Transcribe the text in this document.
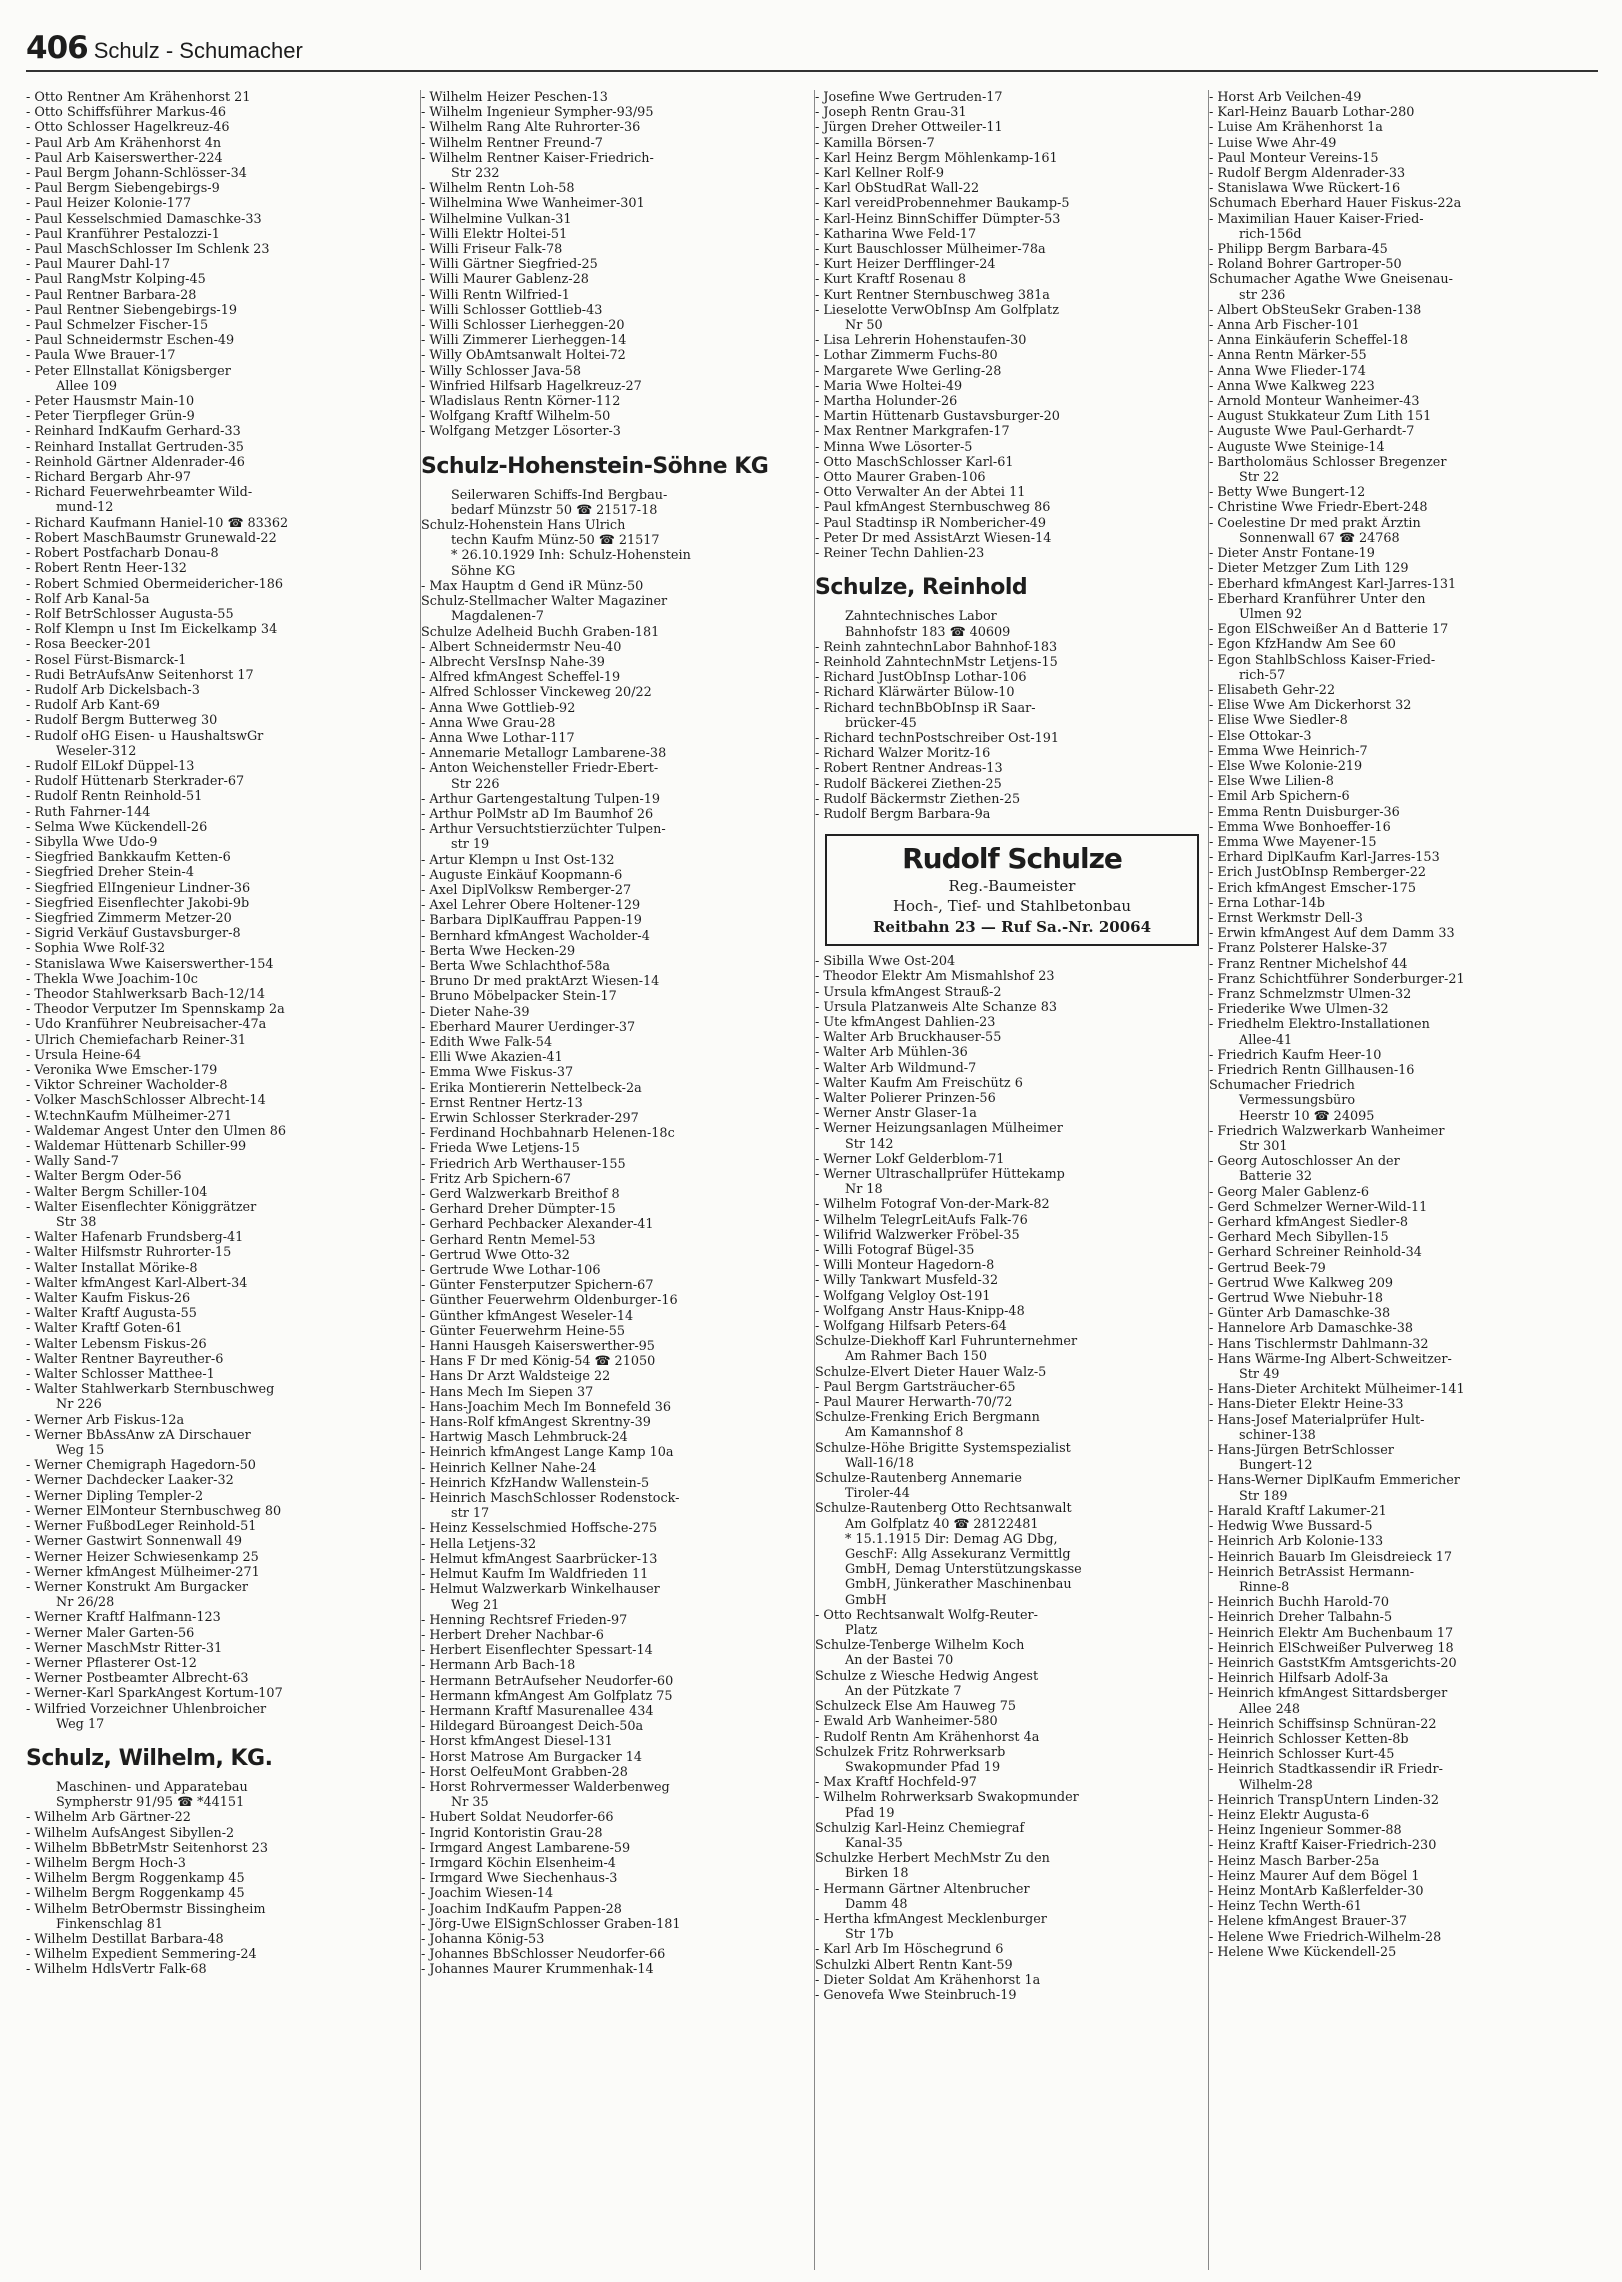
406 Schulz - Schumacher
- Otto Rentner Am Krähenhorst 21
- Otto Schiffsführer Markus-46
- Otto Schlosser Hagelkreuz-46
- Paul Arb Am Krähenhorst 4n
- Paul Arb Kaiserswerther-224
- Paul Bergm Johann-Schlösser-34
- Paul Bergm Siebengebirgs-9
- Paul Heizer Kolonie-177
- Paul Kesselschmied Damaschke-33
- Paul Kranführer Pestalozzi-1
- Paul MaschSchlosser Im Schlenk 23
- Paul Maurer Dahl-17
- Paul RangMstr Kolping-45
- Paul Rentner Barbara-28
- Paul Rentner Siebengebirgs-19
- Paul Schmelzer Fischer-15
- Paul Schneidermstr Eschen-49
- Paula Wwe Brauer-17
- Peter Ellnstallat Königsberger
Allee 109
- Peter Hausmstr Main-10
- Peter Tierpfleger Grün-9
- Reinhard IndKaufm Gerhard-33
- Reinhard Installat Gertruden-35
- Reinhold Gärtner Aldenrader-46
- Richard Bergarb Ahr-97
- Richard Feuerwehrbeamter Wild-
mund-12
- Richard Kaufmann Haniel-10 ☎ 83362
- Robert MaschBaumstr Grunewald-22
- Robert Postfacharb Donau-8
- Robert Rentn Heer-132
- Robert Schmied Obermeidericher-186
- Rolf Arb Kanal-5a
- Rolf BetrSchlosser Augusta-55
- Rolf Klempn u Inst Im Eickelkamp 34
- Rosa Beecker-201
- Rosel Fürst-Bismarck-1
- Rudi BetrAufsAnw Seitenhorst 17
- Rudolf Arb Dickelsbach-3
- Rudolf Arb Kant-69
- Rudolf Bergm Butterweg 30
- Rudolf oHG Eisen- u HaushaltswGr
Weseler-312
- Rudolf ElLokf Düppel-13
- Rudolf Hüttenarb Sterkrader-67
- Rudolf Rentn Reinhold-51
- Ruth Fahrner-144
- Selma Wwe Kückendell-26
- Sibylla Wwe Udo-9
- Siegfried Bankkaufm Ketten-6
- Siegfried Dreher Stein-4
- Siegfried ElIngenieur Lindner-36
- Siegfried Eisenflechter Jakobi-9b
- Siegfried Zimmerm Metzer-20
- Sigrid Verkäuf Gustavsburger-8
- Sophia Wwe Rolf-32
- Stanislawa Wwe Kaiserswerther-154
- Thekla Wwe Joachim-10c
- Theodor Stahlwerksarb Bach-12/14
- Theodor Verputzer Im Spennskamp 2a
- Udo Kranführer Neubreisacher-47a
- Ulrich Chemiefacharb Reiner-31
- Ursula Heine-64
- Veronika Wwe Emscher-179
- Viktor Schreiner Wacholder-8
- Volker MaschSchlosser Albrecht-14
- W.technKaufm Mülheimer-271
- Waldemar Angest Unter den Ulmen 86
- Waldemar Hüttenarb Schiller-99
- Wally Sand-7
- Walter Bergm Oder-56
- Walter Bergm Schiller-104
- Walter Eisenflechter Königgrätzer
Str 38
- Walter Hafenarb Frundsberg-41
- Walter Hilfsmstr Ruhrorter-15
- Walter Installat Mörike-8
- Walter kfmAngest Karl-Albert-34
- Walter Kaufm Fiskus-26
- Walter Kraftf Augusta-55
- Walter Kraftf Goten-61
- Walter Lebensm Fiskus-26
- Walter Rentner Bayreuther-6
- Walter Schlosser Matthee-1
- Walter Stahlwerkarb Sternbuschweg
Nr 226
- Werner Arb Fiskus-12a
- Werner BbAssAnw zA Dirschauer
Weg 15
- Werner Chemigraph Hagedorn-50
- Werner Dachdecker Laaker-32
- Werner Dipling Templer-2
- Werner ElMonteur Sternbuschweg 80
- Werner FußbodLeger Reinhold-51
- Werner Gastwirt Sonnenwall 49
- Werner Heizer Schwiesenkamp 25
- Werner kfmAngest Mülheimer-271
- Werner Konstrukt Am Burgacker
Nr 26/28
- Werner Kraftf Halfmann-123
- Werner Maler Garten-56
- Werner MaschMstr Ritter-31
- Werner Pflasterer Ost-12
- Werner Postbeamter Albrecht-63
- Werner-Karl SparkAngest Kortum-107
- Wilfried Vorzeichner Uhlenbroicher
Weg 17
Schulz, Wilhelm, KG.
Maschinen- und Apparatebau
Sympherstr 91/95 ☎ *44151
- Wilhelm Arb Gärtner-22
- Wilhelm AufsAngest Sibyllen-2
- Wilhelm BbBetrMstr Seitenhorst 23
- Wilhelm Bergm Hoch-3
- Wilhelm Bergm Roggenkamp 45
- Wilhelm Bergm Roggenkamp 45
- Wilhelm BetrObermstr Bissingheim
Finkenschlag 81
- Wilhelm Destillat Barbara-48
- Wilhelm Expedient Semmering-24
- Wilhelm HdlsVertr Falk-68
- Wilhelm Heizer Peschen-13
- Wilhelm Ingenieur Sympher-93/95
- Wilhelm Rang Alte Ruhrorter-36
- Wilhelm Rentner Freund-7
- Wilhelm Rentner Kaiser-Friedrich-
Str 232
- Wilhelm Rentn Loh-58
- Wilhelmina Wwe Wanheimer-301
- Wilhelmine Vulkan-31
- Willi Elektr Holtei-51
- Willi Friseur Falk-78
- Willi Gärtner Siegfried-25
- Willi Maurer Gablenz-28
- Willi Rentn Wilfried-1
- Willi Schlosser Gottlieb-43
- Willi Schlosser Lierheggen-20
- Willi Zimmerer Lierheggen-14
- Willy ObAmtsanwalt Holtei-72
- Willy Schlosser Java-58
- Winfried Hilfsarb Hagelkreuz-27
- Wladislaus Rentn Körner-112
- Wolfgang Kraftf Wilhelm-50
- Wolfgang Metzger Lösorter-3
Schulz-Hohenstein-Söhne KG
Seilerwaren Schiffs-Ind Bergbau-
bedarf Münzstr 50 ☎ 21517-18
Schulz-Hohenstein Hans Ulrich
techn Kaufm Münz-50 ☎ 21517
* 26.10.1929 Inh: Schulz-Hohenstein
Söhne KG
- Max Hauptm d Gend iR Münz-50
Schulz-Stellmacher Walter Magaziner
Magdalenen-7
Schulze Adelheid Buchh Graben-181
- Albert Schneidermstr Neu-40
- Albrecht VersInsp Nahe-39
- Alfred kfmAngest Scheffel-19
- Alfred Schlosser Vinckeweg 20/22
- Anna Wwe Gottlieb-92
- Anna Wwe Grau-28
- Anna Wwe Lothar-117
- Annemarie Metallogr Lambarene-38
- Anton Weichensteller Friedr-Ebert-
Str 226
- Arthur Gartengestaltung Tulpen-19
- Arthur PolMstr aD Im Baumhof 26
- Arthur Versuchtstierzüchter Tulpen-
str 19
- Artur Klempn u Inst Ost-132
- Auguste Einkäuf Koopmann-6
- Axel DiplVolksw Remberger-27
- Axel Lehrer Obere Holtener-129
- Barbara DiplKauffrau Pappen-19
- Bernhard kfmAngest Wacholder-4
- Berta Wwe Hecken-29
- Berta Wwe Schlachthof-58a
- Bruno Dr med praktArzt Wiesen-14
- Bruno Möbelpacker Stein-17
- Dieter Nahe-39
- Eberhard Maurer Uerdinger-37
- Edith Wwe Falk-54
- Elli Wwe Akazien-41
- Emma Wwe Fiskus-37
- Erika Montiererin Nettelbeck-2a
- Ernst Rentner Hertz-13
- Erwin Schlosser Sterkrader-297
- Ferdinand Hochbahnarb Helenen-18c
- Frieda Wwe Letjens-15
- Friedrich Arb Werthauser-155
- Fritz Arb Spichern-67
- Gerd Walzwerkarb Breithof 8
- Gerhard Dreher Dümpter-15
- Gerhard Pechbacker Alexander-41
- Gerhard Rentn Memel-53
- Gertrud Wwe Otto-32
- Gertrude Wwe Lothar-106
- Günter Fensterputzer Spichern-67
- Günther Feuerwehrm Oldenburger-16
- Günther kfmAngest Weseler-14
- Günter Feuerwehrm Heine-55
- Hanni Hausgeh Kaiserswerther-95
- Hans F Dr med König-54 ☎ 21050
- Hans Dr Arzt Waldsteige 22
- Hans Mech Im Siepen 37
- Hans-Joachim Mech Im Bonnefeld 36
- Hans-Rolf kfmAngest Skrentny-39
- Hartwig Masch Lehmbruck-24
- Heinrich kfmAngest Lange Kamp 10a
- Heinrich Kellner Nahe-24
- Heinrich KfzHandw Wallenstein-5
- Heinrich MaschSchlosser Rodenstock-
str 17
- Heinz Kesselschmied Hoffsche-275
- Hella Letjens-32
- Helmut kfmAngest Saarbrücker-13
- Helmut Kaufm Im Waldfrieden 11
- Helmut Walzwerkarb Winkelhauser
Weg 21
- Henning Rechtsref Frieden-97
- Herbert Dreher Nachbar-6
- Herbert Eisenflechter Spessart-14
- Hermann Arb Bach-18
- Hermann BetrAufseher Neudorfer-60
- Hermann kfmAngest Am Golfplatz 75
- Hermann Kraftf Masurenallee 434
- Hildegard Büroangest Deich-50a
- Horst kfmAngest Diesel-131
- Horst Matrose Am Burgacker 14
- Horst OelfeuMont Grabben-28
- Horst Rohrvermesser Walderbenweg
Nr 35
- Hubert Soldat Neudorfer-66
- Ingrid Kontoristin Grau-28
- Irmgard Angest Lambarene-59
- Irmgard Köchin Elsenheim-4
- Irmgard Wwe Siechenhaus-3
- Joachim Wiesen-14
- Joachim IndKaufm Pappen-28
- Jörg-Uwe ElSignSchlosser Graben-181
- Johanna König-53
- Johannes BbSchlosser Neudorfer-66
- Johannes Maurer Krummenhak-14
- Josefine Wwe Gertruden-17
- Joseph Rentn Grau-31
- Jürgen Dreher Ottweiler-11
- Kamilla Börsen-7
- Karl Heinz Bergm Möhlenkamp-161
- Karl Kellner Rolf-9
- Karl ObStudRat Wall-22
- Karl vereidProbennehmer Baukamp-5
- Karl-Heinz BinnSchiffer Dümpter-53
- Katharina Wwe Feld-17
- Kurt Bauschlosser Mülheimer-78a
- Kurt Heizer Derfflinger-24
- Kurt Kraftf Rosenau 8
- Kurt Rentner Sternbuschweg 381a
- Lieselotte VerwObInsp Am Golfplatz
Nr 50
- Lisa Lehrerin Hohenstaufen-30
- Lothar Zimmerm Fuchs-80
- Margarete Wwe Gerling-28
- Maria Wwe Holtei-49
- Martha Holunder-26
- Martin Hüttenarb Gustavsburger-20
- Max Rentner Markgrafen-17
- Minna Wwe Lösorter-5
- Otto MaschSchlosser Karl-61
- Otto Maurer Graben-106
- Otto Verwalter An der Abtei 11
- Paul kfmAngest Sternbuschweg 86
- Paul Stadtinsp iR Nombericher-49
- Peter Dr med AssistArzt Wiesen-14
- Reiner Techn Dahlien-23
Schulze, Reinhold
Zahntechnisches Labor
Bahnhofstr 183 ☎ 40609
- Reinh zahntechnLabor Bahnhof-183
- Reinhold ZahntechnMstr Letjens-15
- Richard JustObInsp Lothar-106
- Richard Klärwärter Bülow-10
- Richard technBbObInsp iR Saar-
brücker-45
- Richard technPostschreiber Ost-191
- Richard Walzer Moritz-16
- Robert Rentner Andreas-13
- Rudolf Bäckerei Ziethen-25
- Rudolf Bäckermstr Ziethen-25
- Rudolf Bergm Barbara-9a
Rudolf Schulze
Reg.-Baumeister
Hoch-, Tief- und Stahlbetonbau
Reitbahn 23 — Ruf Sa.-Nr. 20064
- Sibilla Wwe Ost-204
- Theodor Elektr Am Mismahlshof 23
- Ursula kfmAngest Strauß-2
- Ursula Platzanweis Alte Schanze 83
- Ute kfmAngest Dahlien-23
- Walter Arb Bruckhauser-55
- Walter Arb Mühlen-36
- Walter Arb Wildmund-7
- Walter Kaufm Am Freischütz 6
- Walter Polierer Prinzen-56
- Werner Anstr Glaser-1a
- Werner Heizungsanlagen Mülheimer
Str 142
- Werner Lokf Gelderblom-71
- Werner Ultraschallprüfer Hüttekamp
Nr 18
- Wilhelm Fotograf Von-der-Mark-82
- Wilhelm TelegrLeitAufs Falk-76
- Wilifrid Walzwerker Fröbel-35
- Willi Fotograf Bügel-35
- Willi Monteur Hagedorn-8
- Willy Tankwart Musfeld-32
- Wolfgang Velgloy Ost-191
- Wolfgang Anstr Haus-Knipp-48
- Wolfgang Hilfsarb Peters-64
Schulze-Diekhoff Karl Fuhrunternehmer
Am Rahmer Bach 150
Schulze-Elvert Dieter Hauer Walz-5
- Paul Bergm Gartsträucher-65
- Paul Maurer Herwarth-70/72
Schulze-Frenking Erich Bergmann
Am Kamannshof 8
Schulze-Höhe Brigitte Systemspezialist
Wall-16/18
Schulze-Rautenberg Annemarie
Tiroler-44
Schulze-Rautenberg Otto Rechtsanwalt
Am Golfplatz 40 ☎ 28122481
* 15.1.1915 Dir: Demag AG Dbg,
GeschF: Allg Assekuranz Vermittlg
GmbH, Demag Unterstützungskasse
GmbH, Jünkerather Maschinenbau
GmbH
- Otto Rechtsanwalt Wolfg-Reuter-
Platz
Schulze-Tenberge Wilhelm Koch
An der Bastei 70
Schulze z Wiesche Hedwig Angest
An der Pützkate 7
Schulzeck Else Am Hauweg 75
- Ewald Arb Wanheimer-580
- Rudolf Rentn Am Krähenhorst 4a
Schulzek Fritz Rohrwerksarb
Swakopmunder Pfad 19
- Max Kraftf Hochfeld-97
- Wilhelm Rohrwerksarb Swakopmunder
Pfad 19
Schulzig Karl-Heinz Chemiegraf
Kanal-35
Schulzke Herbert MechMstr Zu den
Birken 18
- Hermann Gärtner Altenbrucher
Damm 48
- Hertha kfmAngest Mecklenburger
Str 17b
- Karl Arb Im Höschegrund 6
Schulzki Albert Rentn Kant-59
- Dieter Soldat Am Krähenhorst 1a
- Genovefa Wwe Steinbruch-19
- Horst Arb Veilchen-49
- Karl-Heinz Bauarb Lothar-280
- Luise Am Krähenhorst 1a
- Luise Wwe Ahr-49
- Paul Monteur Vereins-15
- Rudolf Bergm Aldenrader-33
- Stanislawa Wwe Rückert-16
Schumach Eberhard Hauer Fiskus-22a
- Maximilian Hauer Kaiser-Fried-
rich-156d
- Philipp Bergm Barbara-45
- Roland Bohrer Gartroper-50
Schumacher Agathe Wwe Gneisenau-
str 236
- Albert ObSteuSekr Graben-138
- Anna Arb Fischer-101
- Anna Einkäuferin Scheffel-18
- Anna Rentn Märker-55
- Anna Wwe Flieder-174
- Anna Wwe Kalkweg 223
- Arnold Monteur Wanheimer-43
- August Stukkateur Zum Lith 151
- Auguste Wwe Paul-Gerhardt-7
- Auguste Wwe Steinige-14
- Bartholomäus Schlosser Bregenzer
Str 22
- Betty Wwe Bungert-12
- Christine Wwe Friedr-Ebert-248
- Coelestine Dr med prakt Ärztin
Sonnenwall 67 ☎ 24768
- Dieter Anstr Fontane-19
- Dieter Metzger Zum Lith 129
- Eberhard kfmAngest Karl-Jarres-131
- Eberhard Kranführer Unter den
Ulmen 92
- Egon ElSchweißer An d Batterie 17
- Egon KfzHandw Am See 60
- Egon StahlbSchloss Kaiser-Fried-
rich-57
- Elisabeth Gehr-22
- Elise Wwe Am Dickerhorst 32
- Elise Wwe Siedler-8
- Else Ottokar-3
- Emma Wwe Heinrich-7
- Else Wwe Kolonie-219
- Else Wwe Lilien-8
- Emil Arb Spichern-6
- Emma Rentn Duisburger-36
- Emma Wwe Bonhoeffer-16
- Emma Wwe Mayener-15
- Erhard DiplKaufm Karl-Jarres-153
- Erich JustObInsp Remberger-22
- Erich kfmAngest Emscher-175
- Erna Lothar-14b
- Ernst Werkmstr Dell-3
- Erwin kfmAngest Auf dem Damm 33
- Franz Polsterer Halske-37
- Franz Rentner Michelshof 44
- Franz Schichtführer Sonderburger-21
- Franz Schmelzmstr Ulmen-32
- Friederike Wwe Ulmen-32
- Friedhelm Elektro-Installationen
Allee-41
- Friedrich Kaufm Heer-10
- Friedrich Rentn Gillhausen-16
Schumacher Friedrich
Vermessungsbüro
Heerstr 10 ☎ 24095
- Friedrich Walzwerkarb Wanheimer
Str 301
- Georg Autoschlosser An der
Batterie 32
- Georg Maler Gablenz-6
- Gerd Schmelzer Werner-Wild-11
- Gerhard kfmAngest Siedler-8
- Gerhard Mech Sibyllen-15
- Gerhard Schreiner Reinhold-34
- Gertrud Beek-79
- Gertrud Wwe Kalkweg 209
- Gertrud Wwe Niebuhr-18
- Günter Arb Damaschke-38
- Hannelore Arb Damaschke-38
- Hans Tischlermstr Dahlmann-32
- Hans Wärme-Ing Albert-Schweitzer-
Str 49
- Hans-Dieter Architekt Mülheimer-141
- Hans-Dieter Elektr Heine-33
- Hans-Josef Materialprüfer Hult-
schiner-138
- Hans-Jürgen BetrSchlosser
Bungert-12
- Hans-Werner DiplKaufm Emmericher
Str 189
- Harald Kraftf Lakumer-21
- Hedwig Wwe Bussard-5
- Heinrich Arb Kolonie-133
- Heinrich Bauarb Im Gleisdreieck 17
- Heinrich BetrAssist Hermann-
Rinne-8
- Heinrich Buchh Harold-70
- Heinrich Dreher Talbahn-5
- Heinrich Elektr Am Buchenbaum 17
- Heinrich ElSchweißer Pulverweg 18
- Heinrich GaststKfm Amtsgerichts-20
- Heinrich Hilfsarb Adolf-3a
- Heinrich kfmAngest Sittardsberger
Allee 248
- Heinrich Schiffsinsp Schnüran-22
- Heinrich Schlosser Ketten-8b
- Heinrich Schlosser Kurt-45
- Heinrich Stadtkassendir iR Friedr-
Wilhelm-28
- Heinrich TranspUntern Linden-32
- Heinz Elektr Augusta-6
- Heinz Ingenieur Sommer-88
- Heinz Kraftf Kaiser-Friedrich-230
- Heinz Masch Barber-25a
- Heinz Maurer Auf dem Bögel 1
- Heinz MontArb Kaßlerfelder-30
- Heinz Techn Werth-61
- Helene kfmAngest Brauer-37
- Helene Wwe Friedrich-Wilhelm-28
- Helene Wwe Kückendell-25
